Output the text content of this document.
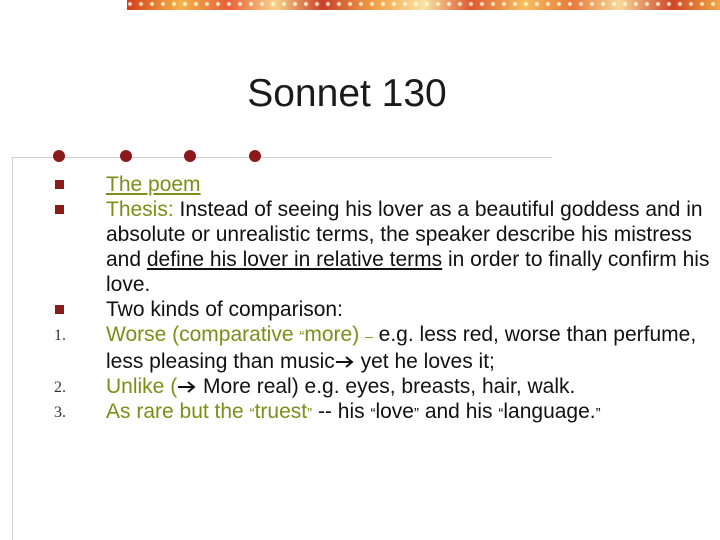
Sonnet 130
The poem
Thesis: Instead of seeing his lover as a beautiful goddess and in absolute or unrealistic terms, the speaker describe his mistress and define his lover in relative terms in order to finally confirm his love.
Two kinds of comparison:
1. Worse (comparative “more) – e.g. less red, worse than perfume, less pleasing than music yet he loves it;
2. Unlike ( More real) e.g. eyes, breasts, hair, walk.
3. As rare but the “truest” -- his “love” and his “language.”
